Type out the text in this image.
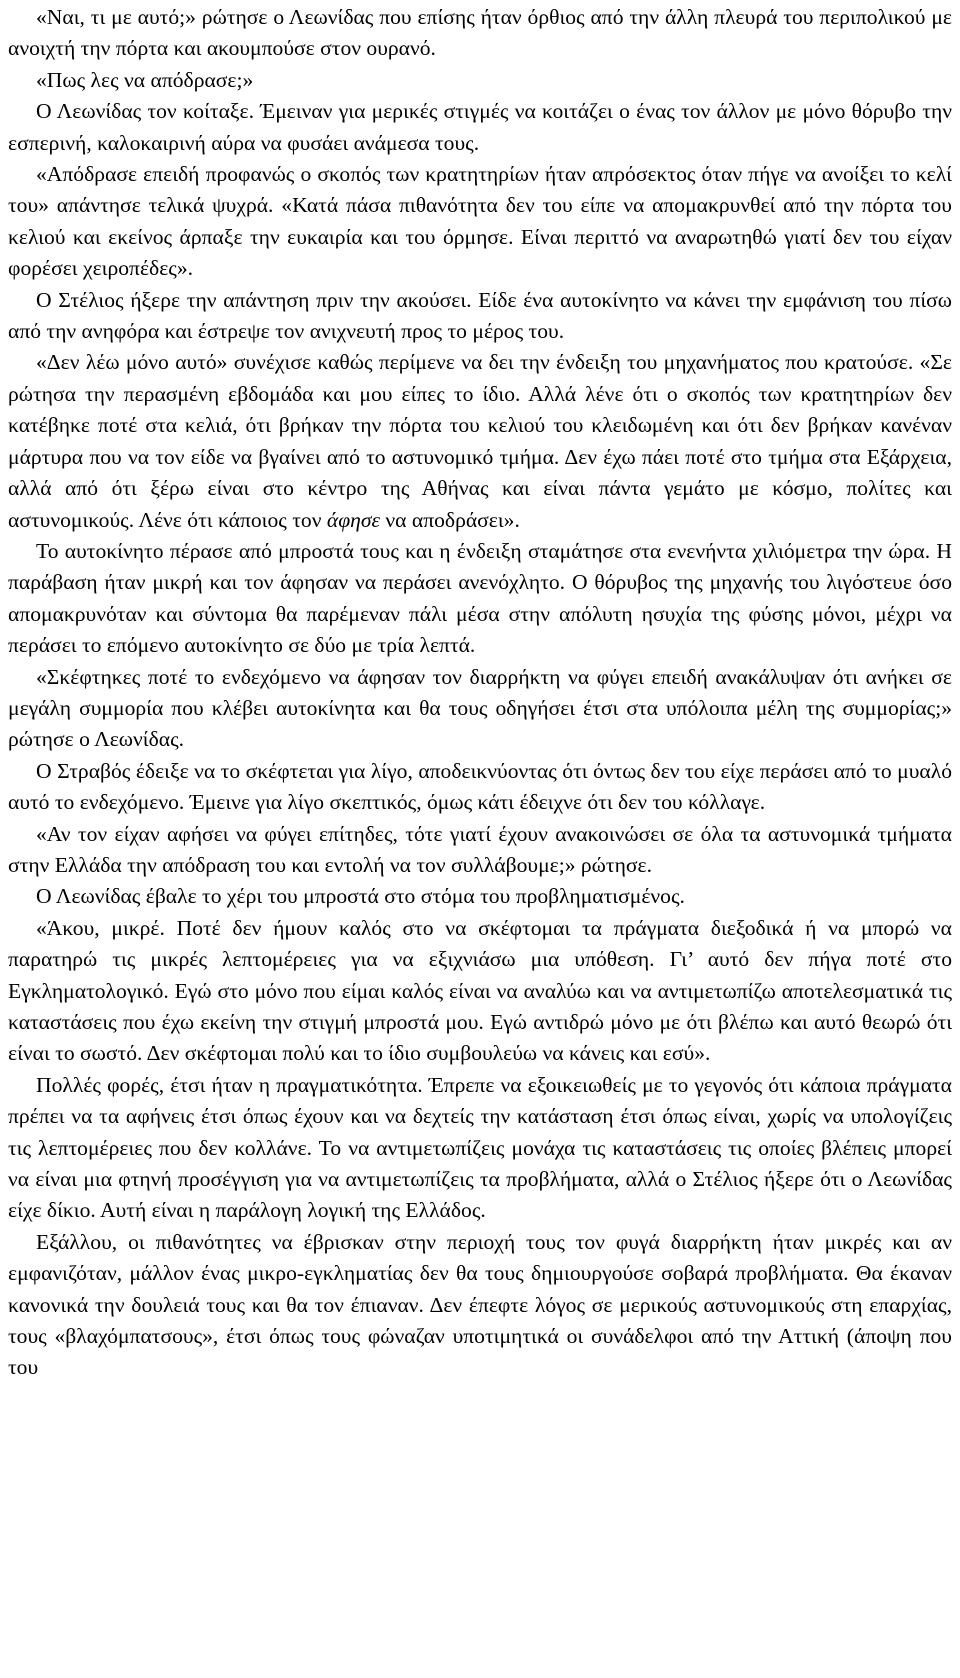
«Ναι, τι με αυτό;» ρώτησε ο Λεωνίδας που επίσης ήταν όρθιος από την άλλη πλευρά του περιπολικού με ανοιχτή την πόρτα και ακουμπούσε στον ουρανό.

«Πως λες να απόδρασε;»

Ο Λεωνίδας τον κοίταξε. Έμειναν για μερικές στιγμές να κοιτάζει ο ένας τον άλλον με μόνο θόρυβο την εσπερινή, καλοκαιρινή αύρα να φυσάει ανάμεσα τους.

«Απόδρασε επειδή προφανώς ο σκοπός των κρατητηρίων ήταν απρόσεκτος όταν πήγε να ανοίξει το κελί του» απάντησε τελικά ψυχρά. «Κατά πάσα πιθανότητα δεν του είπε να απομακρυνθεί από την πόρτα του κελιού και εκείνος άρπαξε την ευκαιρία και του όρμησε. Είναι περιττό να αναρωτηθώ γιατί δεν του είχαν φορέσει χειροπέδες».

Ο Στέλιος ήξερε την απάντηση πριν την ακούσει. Είδε ένα αυτοκίνητο να κάνει την εμφάνιση του πίσω από την ανηφόρα και έστρεψε τον ανιχνευτή προς το μέρος του.

«Δεν λέω μόνο αυτό» συνέχισε καθώς περίμενε να δει την ένδειξη του μηχανήματος που κρατούσε. «Σε ρώτησα την περασμένη εβδομάδα και μου είπες το ίδιο. Αλλά λένε ότι ο σκοπός των κρατητηρίων δεν κατέβηκε ποτέ στα κελιά, ότι βρήκαν την πόρτα του κελιού του κλειδωμένη και ότι δεν βρήκαν κανέναν μάρτυρα που να τον είδε να βγαίνει από το αστυνομικό τμήμα. Δεν έχω πάει ποτέ στο τμήμα στα Εξάρχεια, αλλά από ότι ξέρω είναι στο κέντρο της Αθήνας και είναι πάντα γεμάτο με κόσμο, πολίτες και αστυνομικούς. Λένε ότι κάποιος τον άφησε να αποδράσει».

Το αυτοκίνητο πέρασε από μπροστά τους και η ένδειξη σταμάτησε στα ενενήντα χιλιόμετρα την ώρα. Η παράβαση ήταν μικρή και τον άφησαν να περάσει ανενόχλητο. Ο θόρυβος της μηχανής του λιγόστευε όσο απομακρυνόταν και σύντομα θα παρέμεναν πάλι μέσα στην απόλυτη ησυχία της φύσης μόνοι, μέχρι να περάσει το επόμενο αυτοκίνητο σε δύο με τρία λεπτά.

«Σκέφτηκες ποτέ το ενδεχόμενο να άφησαν τον διαρρήκτη να φύγει επειδή ανακάλυψαν ότι ανήκει σε μεγάλη συμμορία που κλέβει αυτοκίνητα και θα τους οδηγήσει έτσι στα υπόλοιπα μέλη της συμμορίας;» ρώτησε ο Λεωνίδας.

Ο Στραβός έδειξε να το σκέφτεται για λίγο, αποδεικνύοντας ότι όντως δεν του είχε περάσει από το μυαλό αυτό το ενδεχόμενο. Έμεινε για λίγο σκεπτικός, όμως κάτι έδειχνε ότι δεν του κόλλαγε.

«Αν τον είχαν αφήσει να φύγει επίτηδες, τότε γιατί έχουν ανακοινώσει σε όλα τα αστυνομικά τμήματα στην Ελλάδα την απόδραση του και εντολή να τον συλλάβουμε;» ρώτησε.

Ο Λεωνίδας έβαλε το χέρι του μπροστά στο στόμα του προβληματισμένος.

«Άκου, μικρέ. Ποτέ δεν ήμουν καλός στο να σκέφτομαι τα πράγματα διεξοδικά ή να μπορώ να παρατηρώ τις μικρές λεπτομέρειες για να εξιχνιάσω μια υπόθεση. Γι’ αυτό δεν πήγα ποτέ στο Εγκληματολογικό. Εγώ στο μόνο που είμαι καλός είναι να αναλύω και να αντιμετωπίζω αποτελεσματικά τις καταστάσεις που έχω εκείνη την στιγμή μπροστά μου. Εγώ αντιδρώ μόνο με ότι βλέπω και αυτό θεωρώ ότι είναι το σωστό. Δεν σκέφτομαι πολύ και το ίδιο συμβουλεύω να κάνεις και εσύ».

Πολλές φορές, έτσι ήταν η πραγματικότητα. Έπρεπε να εξοικειωθείς με το γεγονός ότι κάποια πράγματα πρέπει να τα αφήνεις έτσι όπως έχουν και να δεχτείς την κατάσταση έτσι όπως είναι, χωρίς να υπολογίζεις τις λεπτομέρειες που δεν κολλάνε. Το να αντιμετωπίζεις μονάχα τις καταστάσεις τις οποίες βλέπεις μπορεί να είναι μια φτηνή προσέγγιση για να αντιμετωπίζεις τα προβλήματα, αλλά ο Στέλιος ήξερε ότι ο Λεωνίδας είχε δίκιο. Αυτή είναι η παράλογη λογική της Ελλάδος.

Εξάλλου, οι πιθανότητες να έβρισκαν στην περιοχή τους τον φυγά διαρρήκτη ήταν μικρές και αν εμφανιζόταν, μάλλον ένας μικρο-εγκληματίας δεν θα τους δημιουργούσε σοβαρά προβλήματα. Θα έκαναν κανονικά την δουλειά τους και θα τον έπιαναν. Δεν έπεφτε λόγος σε μερικούς αστυνομικούς στη επαρχίας, τους «βλαχόμπατσους», έτσι όπως τους φώναζαν υποτιμητικά οι συνάδελφοι από την Αττική (άποψη που του
